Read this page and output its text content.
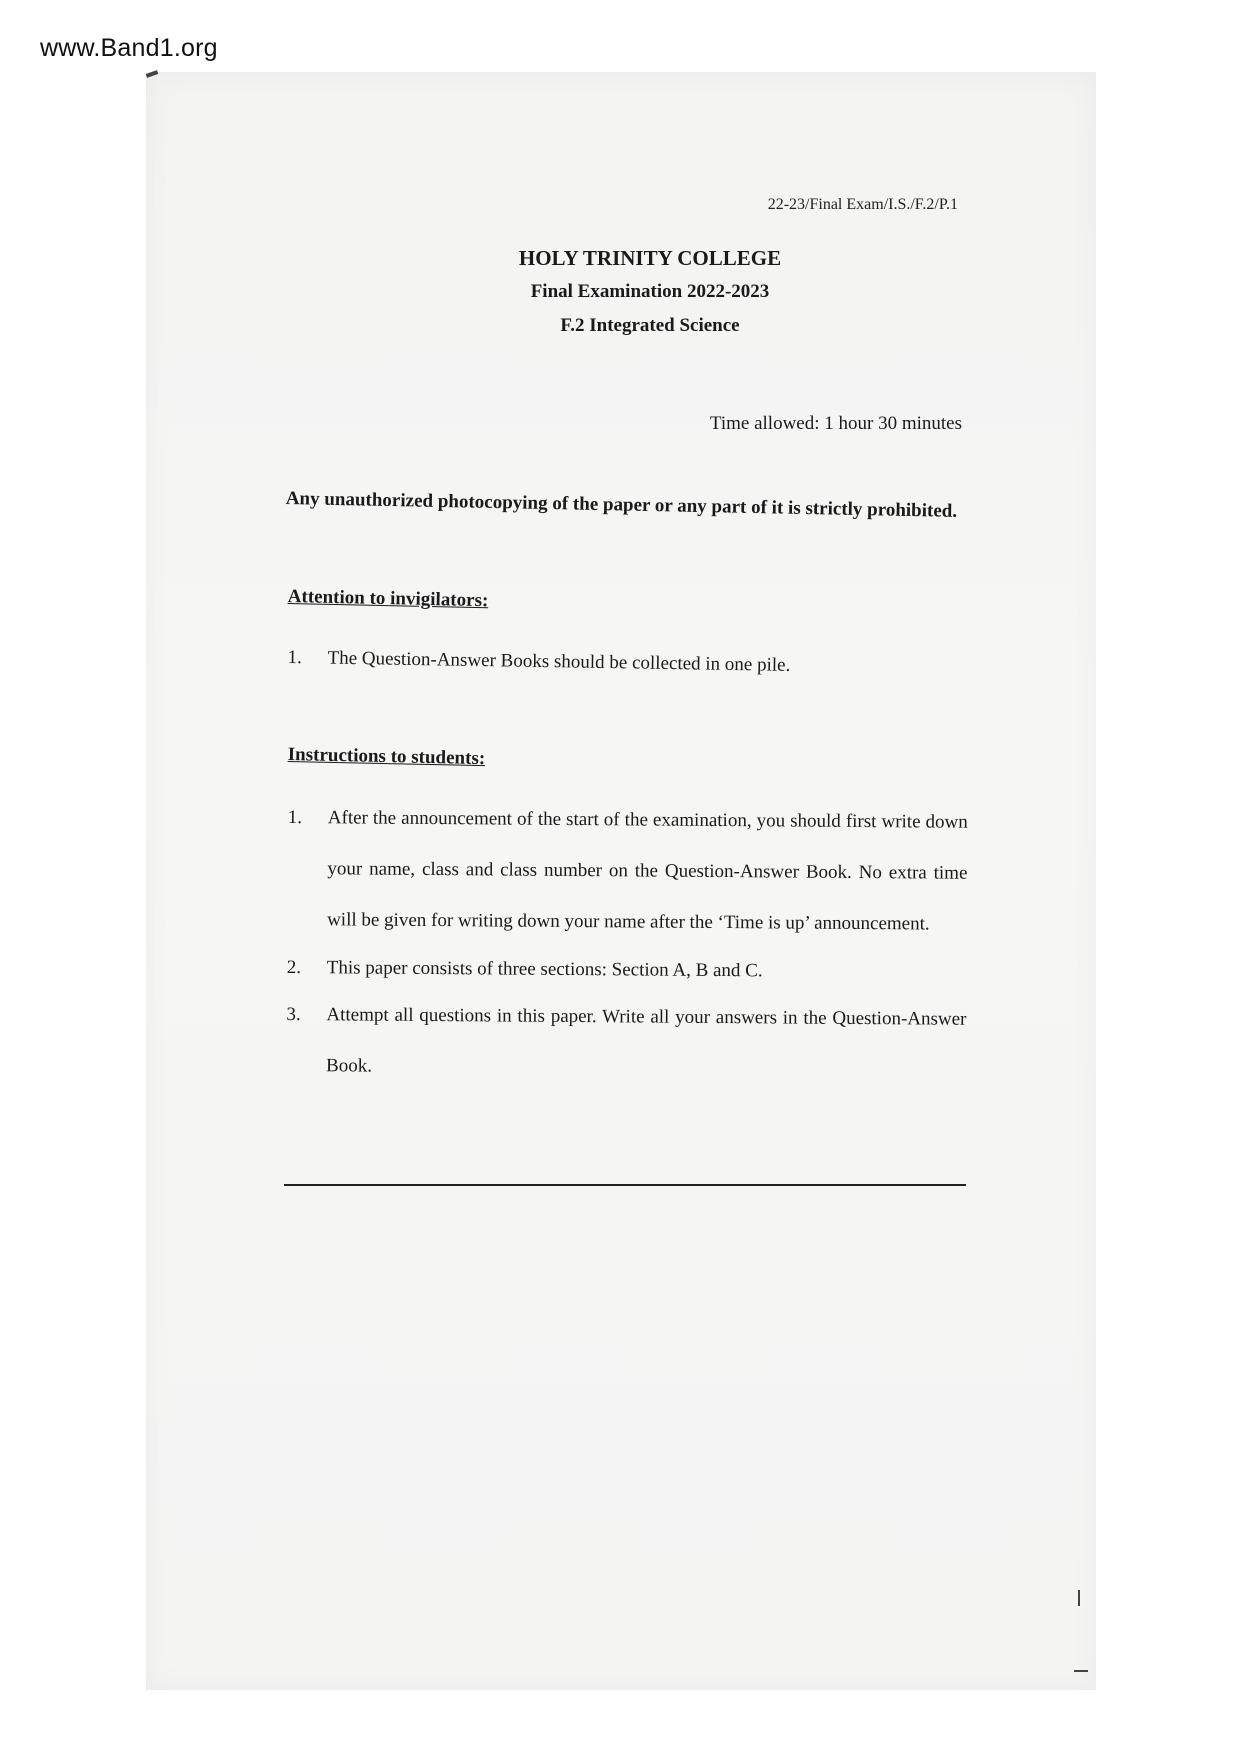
www.Band1.org
22-23/Final Exam/I.S./F.2/P.1
HOLY TRINITY COLLEGE
Final Examination 2022-2023
F.2 Integrated Science
Time allowed: 1 hour 30 minutes
Any unauthorized photocopying of the paper or any part of it is strictly prohibited.
Attention to invigilators:
1. The Question-Answer Books should be collected in one pile.
Instructions to students:
1. After the announcement of the start of the examination, you should first write down your name, class and class number on the Question-Answer Book. No extra time will be given for writing down your name after the ‘Time is up’ announcement.
2. This paper consists of three sections: Section A, B and C.
3. Attempt all questions in this paper. Write all your answers in the Question-Answer Book.
